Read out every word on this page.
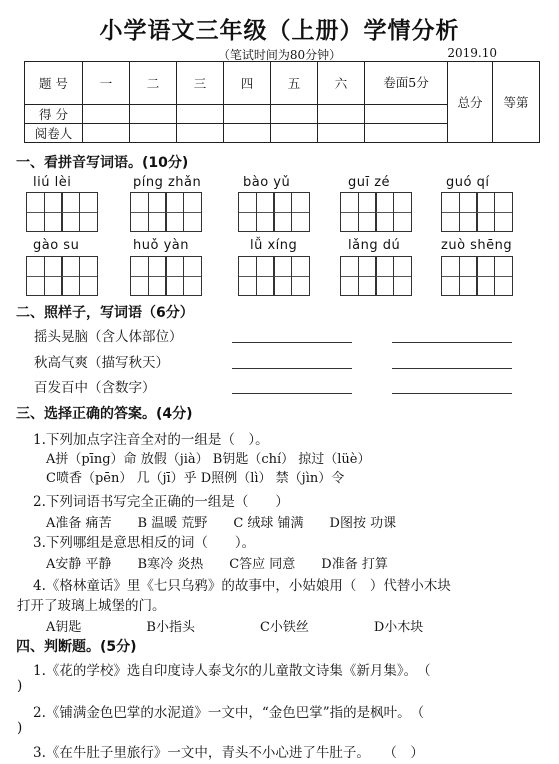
小学语文三年级（上册）学情分析
（笔试时间为80分钟）	2019.10
题 号	一	二	三	四	五	六	卷面5分	总分	等第
得 分									
阅卷人									
一、看拼音写词语。(10分)
liú lèi	píng zhǎn	bào yǔ	guī zé	guó qí
gào su	huǒ yàn	lǚ xíng	lǎng dú	zuò shēng
二、照样子，写词语（6分）
摇头晃脑（含人体部位）
秋高气爽（描写秋天）
百发百中（含数字）
三、选择正确的答案。(4分)
1.下列加点字注音全对的一组是（　）。
A拼（pīng）命 放假（jià） B钥匙（chí） 掠过（lüè）
C喷香（pēn） 几（jī）乎 D照例（lì） 禁（jìn）令
2.下列词语书写完全正确的一组是（　　）
A准备 痛苦　　B 温暖 荒野　　C 绒球 铺满　　D图按 功课
3.下列哪组是意思相反的词（　　）。
A安静 平静　　B寒冷 炎热　　C答应 同意　　D准备 打算
4.《格林童话》里《七只乌鸦》的故事中，小姑娘用（　）代替小木块
打开了玻璃上城堡的门。
A钥匙　　　　　B小指头　　　　　C小铁丝　　　　　D小木块
四、判断题。(5分)
1.《花的学校》选自印度诗人泰戈尔的儿童散文诗集《新月集》。　（
)
2.《铺满金色巴掌的水泥道》一文中，“金色巴掌”指的是枫叶。　（
)
3.《在牛肚子里旅行》一文中，青头不小心进了牛肚子。　　（　）
